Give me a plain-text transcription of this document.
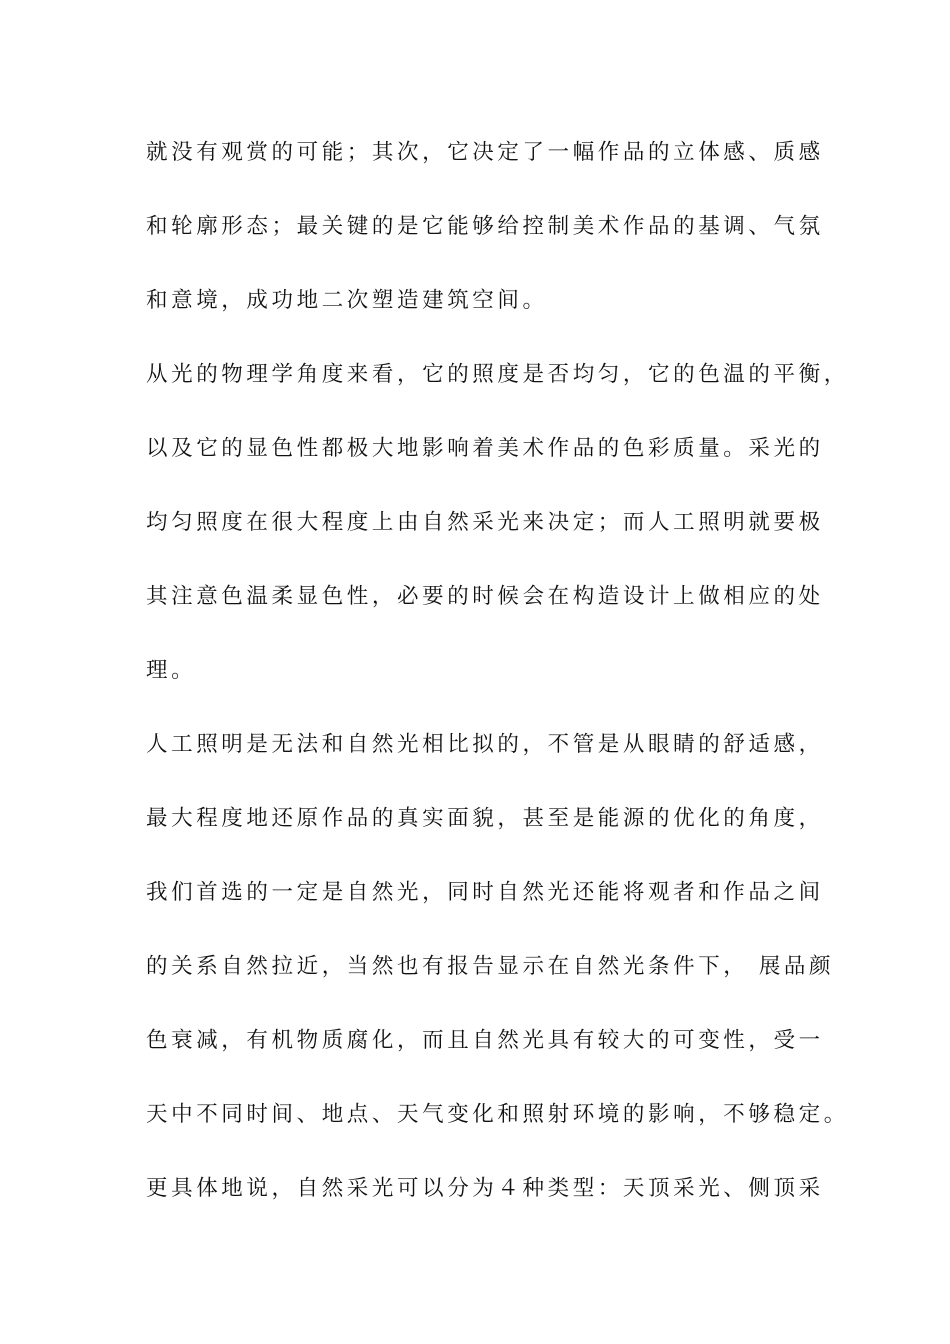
就没有观赏的可能；其次，它决定了一幅作品的立体感、质感
和轮廓形态；最关键的是它能够给控制美术作品的基调、气氛
和意境，成功地二次塑造建筑空间。
从光的物理学角度来看，它的照度是否均匀，它的色温的平衡，
以及它的显色性都极大地影响着美术作品的色彩质量。采光的
均匀照度在很大程度上由自然采光来决定；而人工照明就要极
其注意色温柔显色性，必要的时候会在构造设计上做相应的处
理。
人工照明是无法和自然光相比拟的，不管是从眼睛的舒适感，
最大程度地还原作品的真实面貌，甚至是能源的优化的角度，
我们首选的一定是自然光，同时自然光还能将观者和作品之间
的关系自然拉近，当然也有报告显示在自然光条件下， 展品颜
色衰减，有机物质腐化，而且自然光具有较大的可变性，受一
天中不同时间、地点、天气变化和照射环境的影响，不够稳定。
更具体地说，自然采光可以分为４种类型：天顶采光、侧顶采
